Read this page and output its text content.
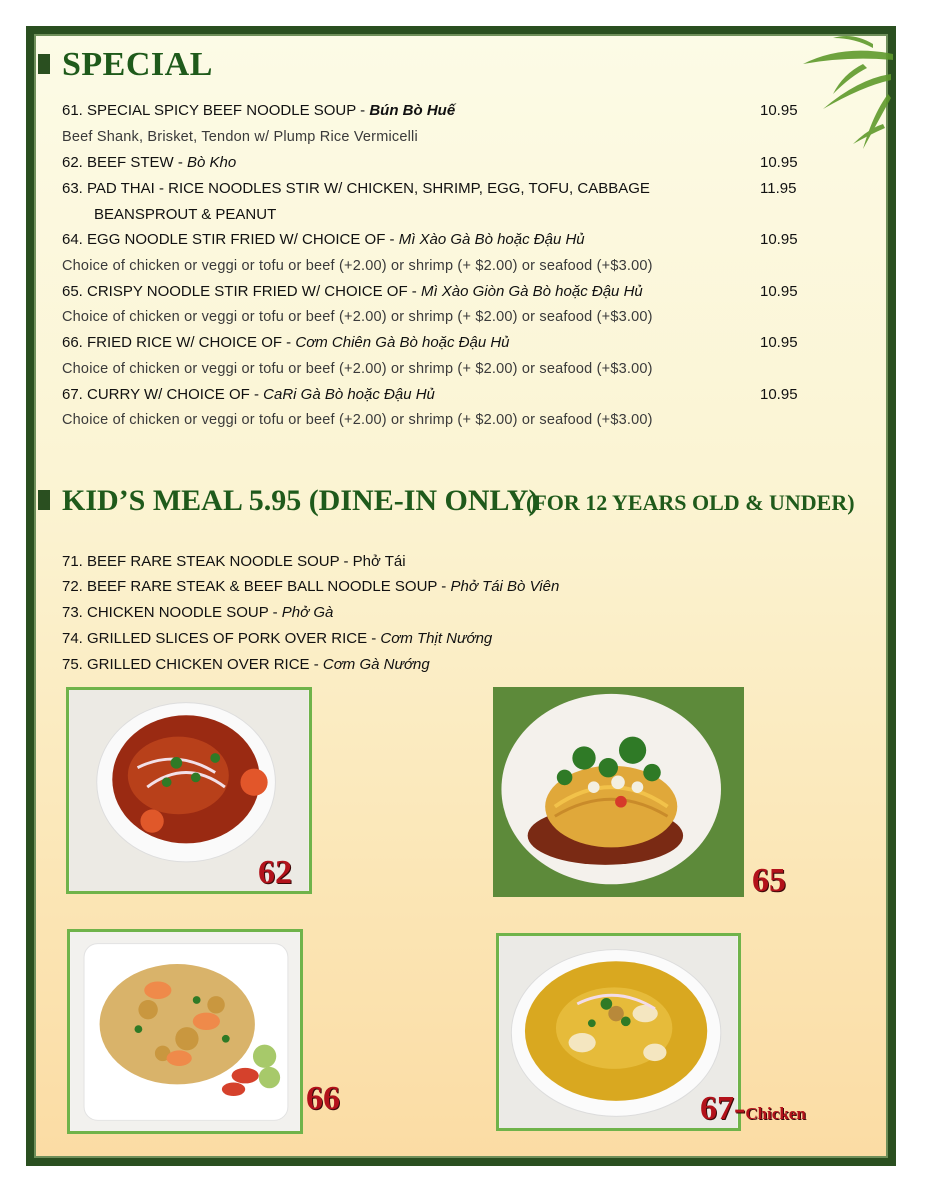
SPECIAL
61. SPECIAL SPICY BEEF NOODLE SOUP - Bún Bò Huế	10.95
Beef Shank, Brisket, Tendon w/ Plump Rice Vermicelli
62. BEEF STEW - Bò Kho	10.95
63. PAD THAI - RICE NOODLES STIR W/ CHICKEN, SHRIMP, EGG, TOFU, CABBAGE	11.95
BEANSPROUT & PEANUT
64. EGG NOODLE STIR FRIED W/ CHOICE OF - Mì Xào Gà Bò hoặc Đậu Hủ	10.95
Choice of chicken or veggi or tofu or beef (+2.00) or shrimp (+ $2.00) or seafood (+$3.00)
65. CRISPY NOODLE STIR FRIED W/ CHOICE OF - Mì Xào Giòn Gà Bò hoặc Đậu Hủ	10.95
Choice of chicken or veggi or tofu or beef (+2.00) or shrimp (+ $2.00) or seafood (+$3.00)
66. FRIED RICE W/ CHOICE OF - Cơm Chiên Gà Bò hoặc Đậu Hủ	10.95
Choice of chicken or veggi or tofu or beef (+2.00) or shrimp (+ $2.00) or seafood (+$3.00)
67. CURRY W/ CHOICE OF - CaRi Gà Bò hoặc Đậu Hủ	10.95
Choice of chicken or veggi or tofu or beef (+2.00) or shrimp (+ $2.00) or seafood (+$3.00)
KID’S MEAL 5.95 (DINE-IN ONLY)
(FOR 12 YEARS OLD & UNDER)
71. BEEF RARE STEAK NOODLE SOUP - Phở Tái
72. BEEF RARE STEAK & BEEF BALL NOODLE SOUP - Phở Tái Bò Viên
73. CHICKEN NOODLE SOUP - Phở Gà
74. GRILLED SLICES OF PORK OVER RICE - Cơm Thịt Nướng
75. GRILLED CHICKEN OVER RICE - Cơm Gà Nướng
62	65
66	67-Chicken
